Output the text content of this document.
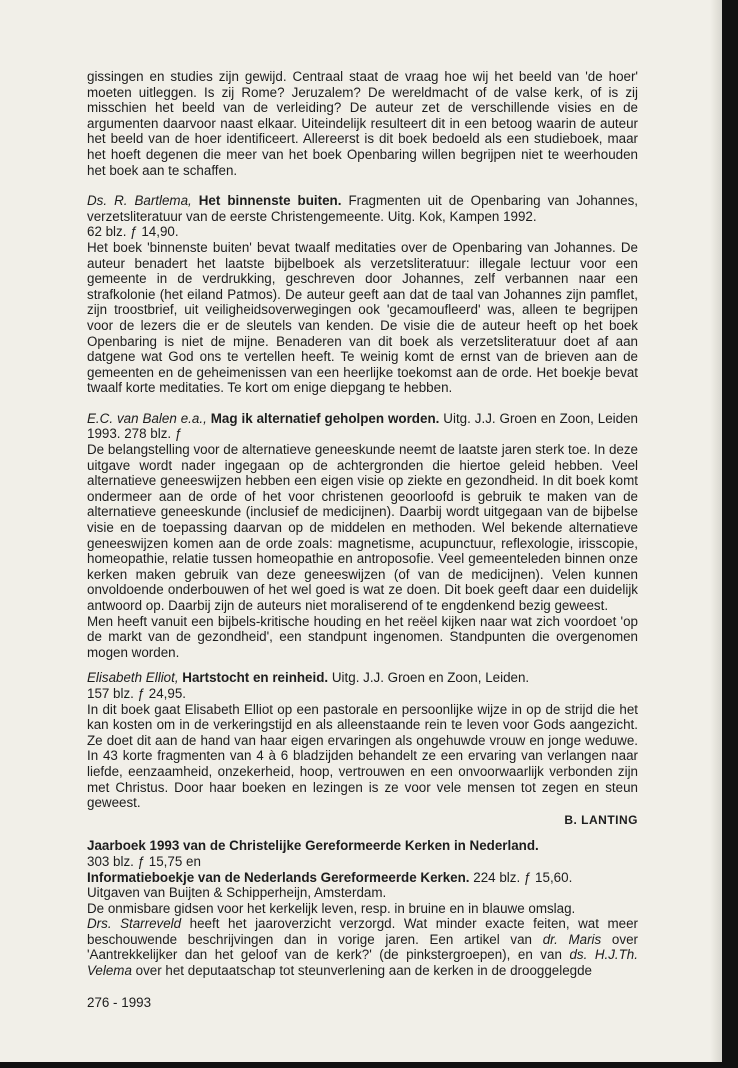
gissingen en studies zijn gewijd. Centraal staat de vraag hoe wij het beeld van 'de hoer' moeten uitleggen. Is zij Rome? Jeruzalem? De wereldmacht of de valse kerk, of is zij misschien het beeld van de verleiding? De auteur zet de verschillende visies en de argumenten daarvoor naast elkaar. Uiteindelijk resulteert dit in een betoog waarin de auteur het beeld van de hoer identificeert. Allereerst is dit boek bedoeld als een studieboek, maar het hoeft degenen die meer van het boek Openbaring willen begrijpen niet te weerhouden het boek aan te schaffen.

Ds. R. Bartlema, Het binnenste buiten. Fragmenten uit de Openbaring van Johannes, verzetsliteratuur van de eerste Christengemeente. Uitg. Kok, Kampen 1992.

62 blz. ƒ 14,90.

Het boek 'binnenste buiten' bevat twaalf meditaties over de Openbaring van Johannes. De auteur benadert het laatste bijbelboek als verzetsliteratuur: illegale lectuur voor een gemeente in de verdrukking, geschreven door Johannes, zelf verbannen naar een strafkolonie (het eiland Patmos). De auteur geeft aan dat de taal van Johannes zijn pamflet, zijn troostbrief, uit veiligheidsoverwegingen ook 'gecamoufleerd' was, alleen te begrijpen voor de lezers die er de sleutels van kenden. De visie die de auteur heeft op het boek Openbaring is niet de mijne. Benaderen van dit boek als verzetsliteratuur doet af aan datgene wat God ons te vertellen heeft. Te weinig komt de ernst van de brieven aan de gemeenten en de geheimenissen van een heerlijke toekomst aan de orde. Het boekje bevat twaalf korte meditaties. Te kort om enige diepgang te hebben.

E.C. van Balen e.a., Mag ik alternatief geholpen worden. Uitg. J.J. Groen en Zoon, Leiden 1993. 278 blz. ƒ

De belangstelling voor de alternatieve geneeskunde neemt de laatste jaren sterk toe. In deze uitgave wordt nader ingegaan op de achtergronden die hiertoe geleid hebben. Veel alternatieve geneeswijzen hebben een eigen visie op ziekte en gezondheid. In dit boek komt ondermeer aan de orde of het voor christenen geoorloofd is gebruik te maken van de alternatieve geneeskunde (inclusief de medicijnen). Daarbij wordt uitgegaan van de bijbelse visie en de toepassing daarvan op de middelen en methoden. Wel bekende alternatieve geneeswijzen komen aan de orde zoals: magnetisme, acupunctuur, reflexologie, irisscopie, homeopathie, relatie tussen homeopathie en antroposofie. Veel gemeenteleden binnen onze kerken maken gebruik van deze geneeswijzen (of van de medicijnen). Velen kunnen onvoldoende onderbouwen of het wel goed is wat ze doen. Dit boek geeft daar een duidelijk antwoord op. Daarbij zijn de auteurs niet moraliserend of te engdenkend bezig geweest.

Men heeft vanuit een bijbels-kritische houding en het reëel kijken naar wat zich voordoet 'op de markt van de gezondheid', een standpunt ingenomen. Standpunten die overgenomen mogen worden.

Elisabeth Elliot, Hartstocht en reinheid. Uitg. J.J. Groen en Zoon, Leiden.

157 blz. ƒ 24,95.

In dit boek gaat Elisabeth Elliot op een pastorale en persoonlijke wijze in op de strijd die het kan kosten om in de verkeringstijd en als alleenstaande rein te leven voor Gods aangezicht. Ze doet dit aan de hand van haar eigen ervaringen als ongehuwde vrouw en jonge weduwe. In 43 korte fragmenten van 4 à 6 bladzijden behandelt ze een ervaring van verlangen naar liefde, eenzaamheid, onzekerheid, hoop, vertrouwen en een onvoorwaarlijk verbonden zijn met Christus. Door haar boeken en lezingen is ze voor vele mensen tot zegen en steun geweest.

B. LANTING

Jaarboek 1993 van de Christelijke Gereformeerde Kerken in Nederland.

303 blz. ƒ 15,75 en

Informatieboekje van de Nederlands Gereformeerde Kerken. 224 blz. ƒ 15,60.

Uitgaven van Buijten & Schipperheijn, Amsterdam.

De onmisbare gidsen voor het kerkelijk leven, resp. in bruine en in blauwe omslag.

Drs. Starreveld heeft het jaaroverzicht verzorgd. Wat minder exacte feiten, wat meer beschouwende beschrijvingen dan in vorige jaren. Een artikel van dr. Maris over 'Aantrekkelijker dan het geloof van de kerk?' (de pinkstergroepen), en van ds. H.J.Th. Velema over het deputaatschap tot steunverlening aan de kerken in de drooggelegde

276 - 1993
